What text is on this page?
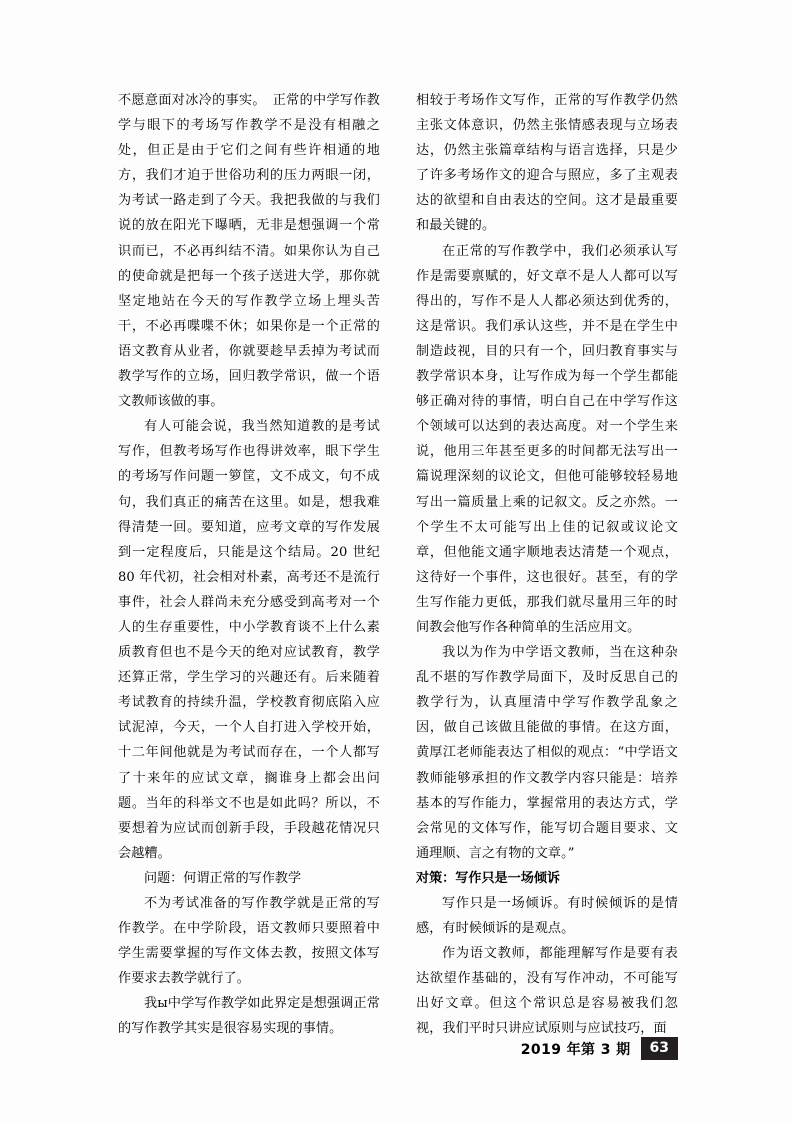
不愿意面对冰冷的事实。　正常的中学写作教学与眼下的考场写作教学不是没有相融之处，但正是由于它们之间有些许相通的地方，我们才迫于世俗功利的压力两眼一闭，为考试一路走到了今天。我把我做的与我们说的放在阳光下曝晒，无非是想强调一个常识而已，不必再纠结不清。如果你认为自己的使命就是把每一个孩子送进大学，那你就坚定地站在今天的写作教学立场上埋头苦干，不必再喋喋不休；如果你是一个正常的语文教育从业者，你就要趁早丢掉为考试而教学写作的立场，回归教学常识，做一个语文教师该做的事。

有人可能会说，我当然知道教的是考试写作，但教考场写作也得讲效率，眼下学生的考场写作问题一箩筐，文不成文，句不成句，我们真正的痛苦在这里。如是，想我难得清楚一回。要知道，应考文章的写作发展到一定程度后，只能是这个结局。20 世纪 80 年代初，社会相对朴素，高考还不是流行事件，社会人群尚未充分感受到高考对一个人的生存重要性，中小学教育谈不上什么素质教育但也不是今天的绝对应试教育，教学还算正常，学生学习的兴趣还有。后来随着考试教育的持续升温，学校教育彻底陷入应试泥淖，今天，一个人自打进入学校开始，十二年间他就是为考试而存在，一个人都写了十来年的应试文章，搁谁身上都会出问题。当年的科举文不也是如此吗？所以，不要想着为应试而创新手段，手段越花情况只会越糟。

问题：何谓正常的写作教学

不为考试准备的写作教学就是正常的写作教学。在中学阶段，语文教师只要照着中学生需要掌握的写作文体去教，按照文体写作要求去教学就行了。

我ы中学写作教学如此界定是想强调正常的写作教学其实是很容易实现的事情。

相较于考场作文写作，正常的写作教学仍然主张文体意识，仍然主张情感表现与立场表达，仍然主张篇章结构与语言选择，只是少了许多考场作文的迎合与照应，多了主观表达的欲望和自由表达的空间。这才是最重要和最关键的。

在正常的写作教学中，我们必须承认写作是需要禀赋的，好文章不是人人都可以写得出的，写作不是人人都必须达到优秀的，这是常识。我们承认这些，并不是在学生中制造歧视，目的只有一个，回归教育事实与教学常识本身，让写作成为每一个学生都能够正确对待的事情，明白自己在中学写作这个领域可以达到的表达高度。对一个学生来说，他用三年甚至更多的时间都无法写出一篇说理深刻的议论文，但他可能够较轻易地写出一篇质量上乘的记叙文。反之亦然。一个学生不太可能写出上佳的记叙或议论文章，但他能文通字顺地表达清楚一个观点，这待好一个事件，这也很好。甚至，有的学生写作能力更低，那我们就尽量用三年的时间教会他写作各种简单的生活应用文。

我以为作为中学语文教师，当在这种杂乱不堪的写作教学局面下，及时反思自己的教学行为，认真厘清中学写作教学乱象之因，做自己该做且能做的事情。在这方面，黄厚江老师能表达了相似的观点：“中学语文教师能够承担的作文教学内容只能是：培养基本的写作能力，掌握常用的表达方式，学会常见的文体写作，能写切合题目要求、文通理顺、言之有物的文章。”

对策：写作只是一场倾诉

写作只是一场倾诉。有时候倾诉的是情感，有时候倾诉的是观点。

作为语文教师，都能理解写作是要有表达欲望作基础的，没有写作冲动，不可能写出好文章。但这个常识总是容易被我们忽视，我们平时只讲应试原则与应试技巧，面

2019 年第 3 期	63
